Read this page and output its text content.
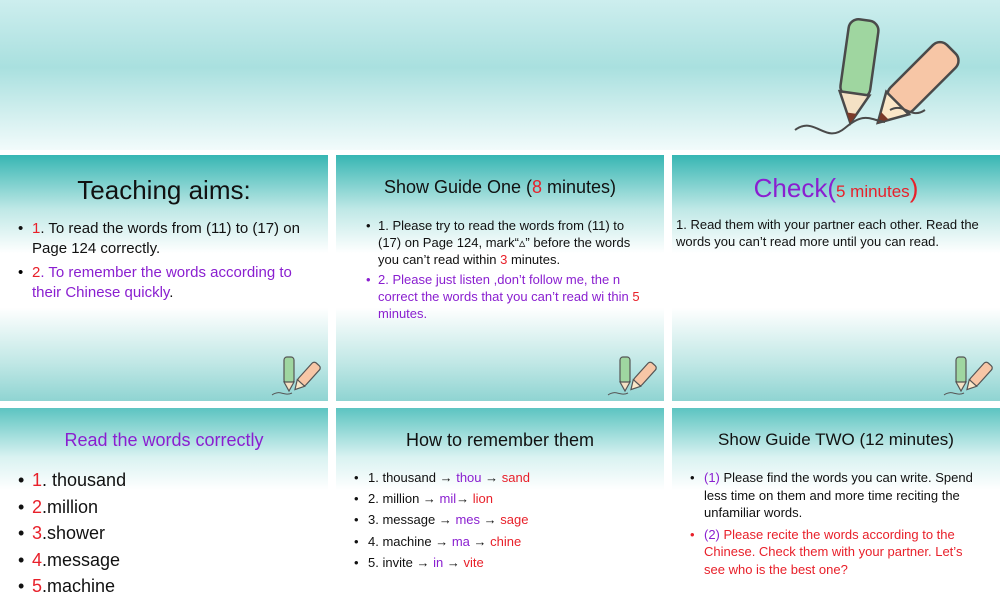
Teaching aims:
• 1. To read the words from (11) to (17) on Page 124 correctly.
• 2. To remember the words according to their Chinese quickly.
Show Guide One (8 minutes)
• 1. Please try to read the words from (11) to (17) on Page 124, mark“▵” before the words you can’t read within 3 minutes.
• 2. Please just listen ,don’t follow me, the n correct the words that you can’t read wi thin 5 minutes.
Check(5 minutes)
1. Read them with your partner each other. Read the words you can’t read more until you can read.
Read the words correctly
• 1. thousand
• 2.million
• 3.shower
• 4.message
• 5.machine
How to remember them
• 1. thousand → thou → sand
• 2. million → mil→ lion
• 3. message → mes → sage
• 4. machine → ma → chine
• 5. invite → in → vite
Show Guide TWO (12 minutes)
• (1) Please find the words you can write. Spend less time on them and more time reciting the unfamiliar words.
• (2) Please recite the words according to the Chinese. Check them with your partner. Let’s see who is the best one?
